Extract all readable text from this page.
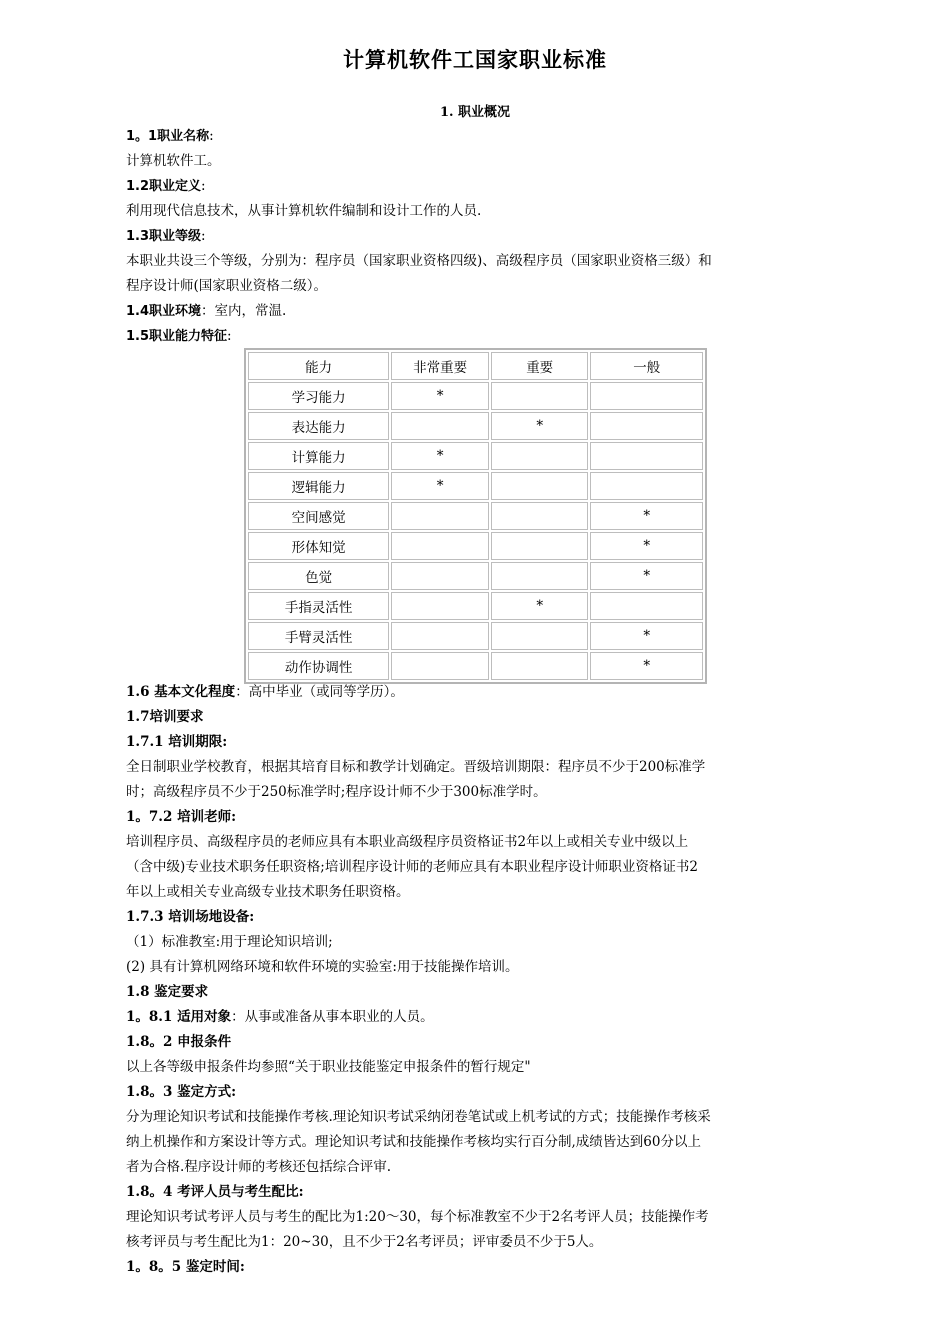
计算机软件工国家职业标准
1. 职业概况
1。1职业名称:
计算机软件工。
1.2职业定义:
利用现代信息技术，从事计算机软件编制和设计工作的人员.
1.3职业等级:
本职业共设三个等级，分别为：程序员（国家职业资格四级)、高级程序员（国家职业资格三级）和
程序设计师(国家职业资格二级）。
1.4职业环境：室内，常温.
1.5职业能力特征:
能力	非常重要	重要	一般
学习能力	*		
表达能力		*	
计算能力	*		
逻辑能力	*		
空间感觉			*
形体知觉			*
色觉			*
手指灵活性		*	
手臂灵活性			*
动作协调性			*
1.6 基本文化程度：高中毕业（或同等学历）。
1.7培训要求
1.7.1 培训期限:
全日制职业学校教育，根据其培育目标和教学计划确定。晋级培训期限：程序员不少于200标准学
时；高级程序员不少于250标准学时;程序设计师不少于300标准学时。
1。7.2 培训老师:
培训程序员、高级程序员的老师应具有本职业高级程序员资格证书2年以上或相关专业中级以上
（含中级)专业技术职务任职资格;培训程序设计师的老师应具有本职业程序设计师职业资格证书2
年以上或相关专业高级专业技术职务任职资格。
1.7.3 培训场地设备:
（1）标准教室:用于理论知识培训;
(2) 具有计算机网络环境和软件环境的实验室:用于技能操作培训。
1.8 鉴定要求
1。8.1 适用对象：从事或准备从事本职业的人员。
1.8。2 申报条件
以上各等级申报条件均参照“关于职业技能鉴定申报条件的暂行规定"
1.8。3 鉴定方式:
分为理论知识考试和技能操作考核.理论知识考试采纳闭卷笔试或上机考试的方式；技能操作考核采
纳上机操作和方案设计等方式。理论知识考试和技能操作考核均实行百分制,成绩皆达到60分以上
者为合格.程序设计师的考核还包括综合评审.
1.8。4 考评人员与考生配比:
理论知识考试考评人员与考生的配比为1:20～30，每个标准教室不少于2名考评人员；技能操作考
核考评员与考生配比为1：20~30，且不少于2名考评员；评审委员不少于5人。
1。8。5 鉴定时间:
